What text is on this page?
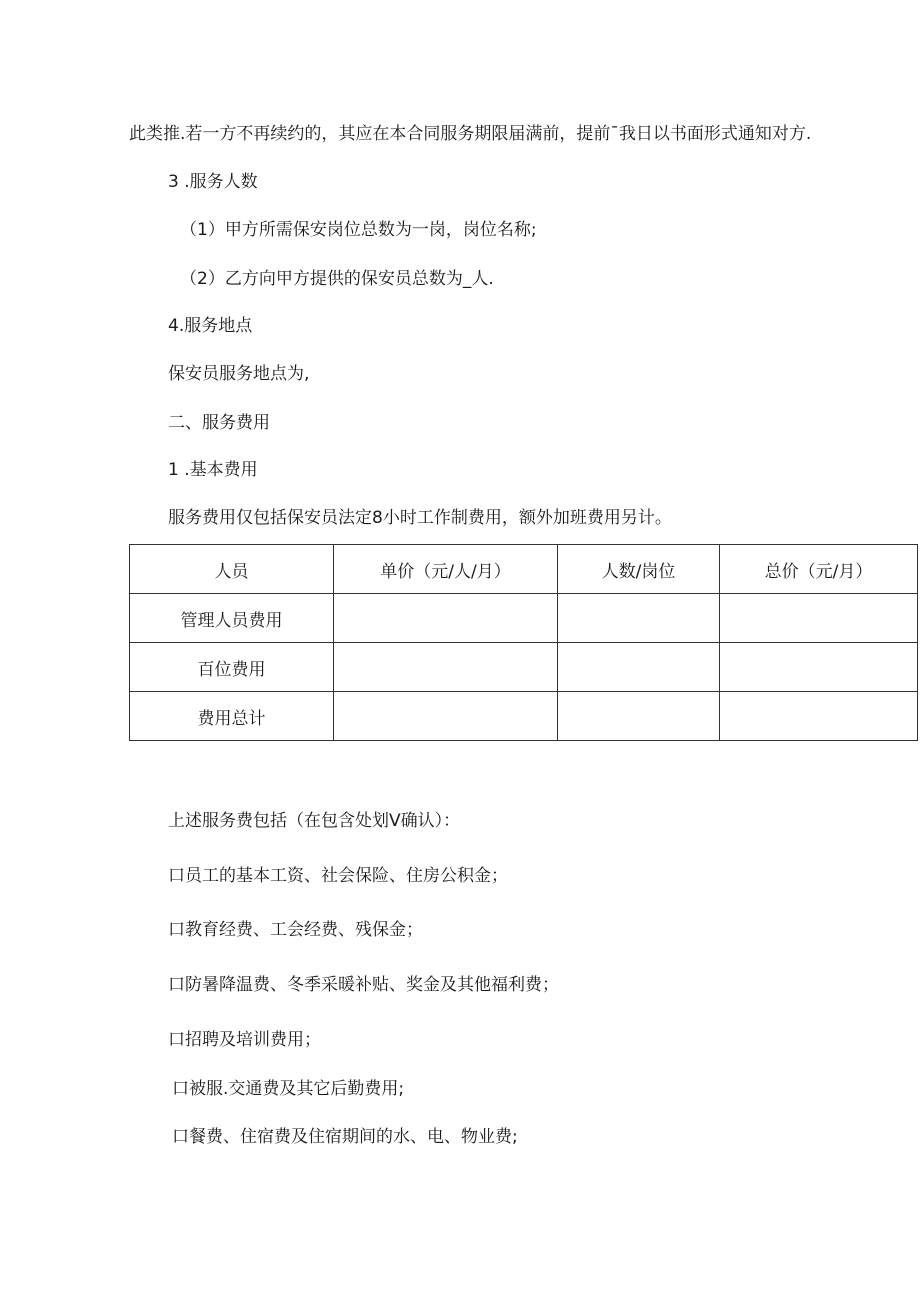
此类推.若一方不再续约的，其应在本合同服务期限届满前，提前¯我日以书面形式通知对方.
3 .服务人数
（1）甲方所需保安岗位总数为一岗，岗位名称;
（2）乙方向甲方提供的保安员总数为_人.
4.服务地点
保安员服务地点为,
二、服务费用
1 .基本费用
服务费用仅包括保安员法定8小时工作制费用，额外加班费用另计。
人员	单价（元/人/月）	人数/岗位	总价（元/月）
管理人员费用			
百位费用			
费用总计			
上述服务费包括（在包含处划V确认）：
口员工的基本工资、社会保险、住房公积金；
口教育经费、工会经费、残保金；
口防暑降温费、冬季采暖补贴、奖金及其他福利费；
口招聘及培训费用；
口被服.交通费及其它后勤费用;
口餐费、住宿费及住宿期间的水、电、物业费;
